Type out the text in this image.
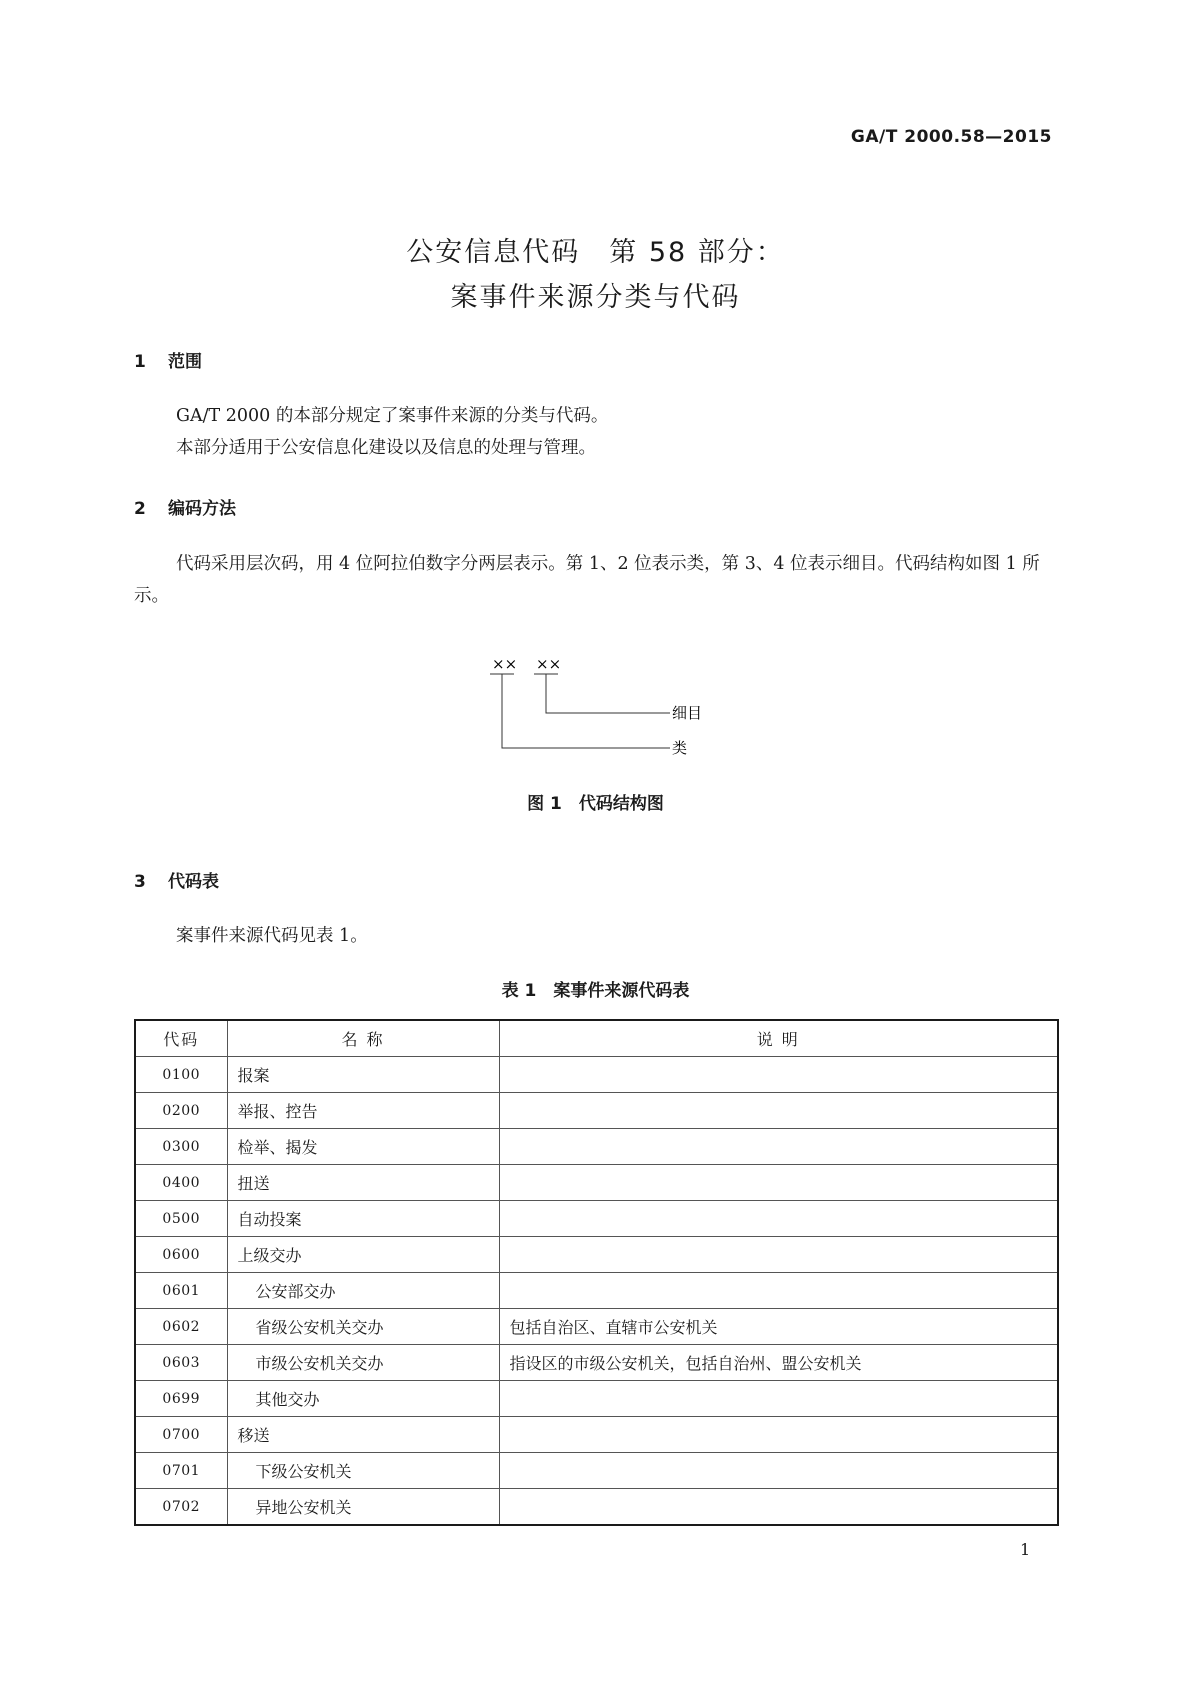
GA/T 2000.58—2015
公安信息代码　第 58 部分：
案事件来源分类与代码
1 范围
GA/T 2000 的本部分规定了案事件来源的分类与代码。
本部分适用于公安信息化建设以及信息的处理与管理。
2 编码方法
代码采用层次码，用 4 位阿拉伯数字分两层表示。第 1、2 位表示类，第 3、4 位表示细目。代码结构如图 1 所示。
×× ××
细目
类
图 1　代码结构图
3 代码表
案事件来源代码见表 1。
表 1　案事件来源代码表
代码	名 称	说 明
0100	报案	
0200	举报、控告	
0300	检举、揭发	
0400	扭送	
0500	自动投案	
0600	上级交办	
0601	公安部交办	
0602	省级公安机关交办	包括自治区、直辖市公安机关
0603	市级公安机关交办	指设区的市级公安机关，包括自治州、盟公安机关
0699	其他交办	
0700	移送	
0701	下级公安机关	
0702	异地公安机关	
1
